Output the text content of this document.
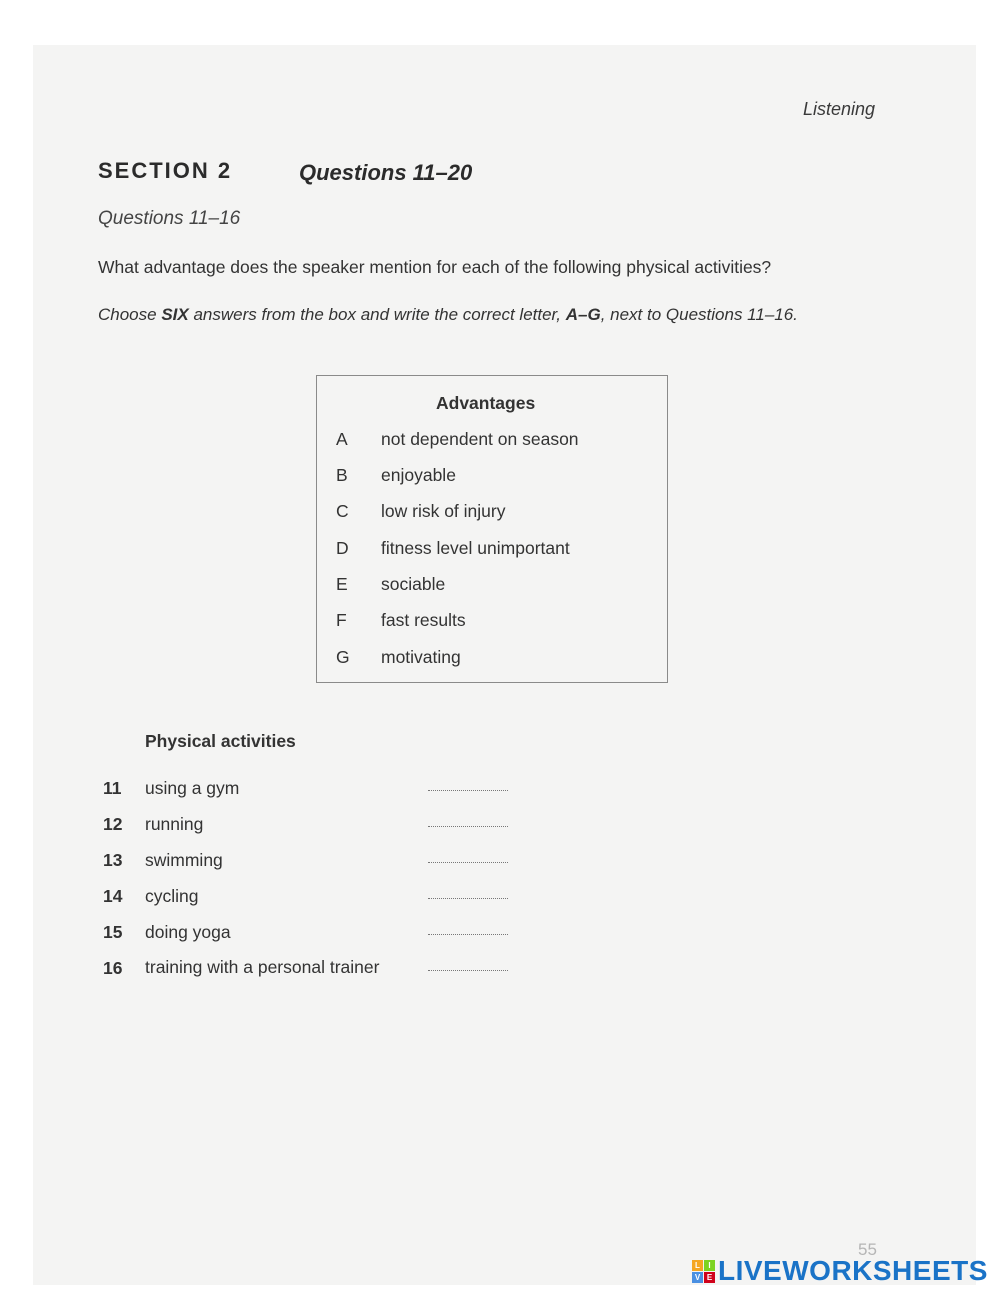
Listening
SECTION 2	Questions 11–20
Questions 11–16
What advantage does the speaker mention for each of the following physical activities?
Choose SIX answers from the box and write the correct letter, A–G, next to Questions 11–16.
Advantages
A not dependent on season
B enjoyable
C low risk of injury
D fitness level unimportant
E sociable
F fast results
G motivating
Physical activities
11 using a gym
12 running
13 swimming
14 cycling
15 doing yoga
16 training with a personal trainer
55
L	I
V E LIVEWORKSHEETS
